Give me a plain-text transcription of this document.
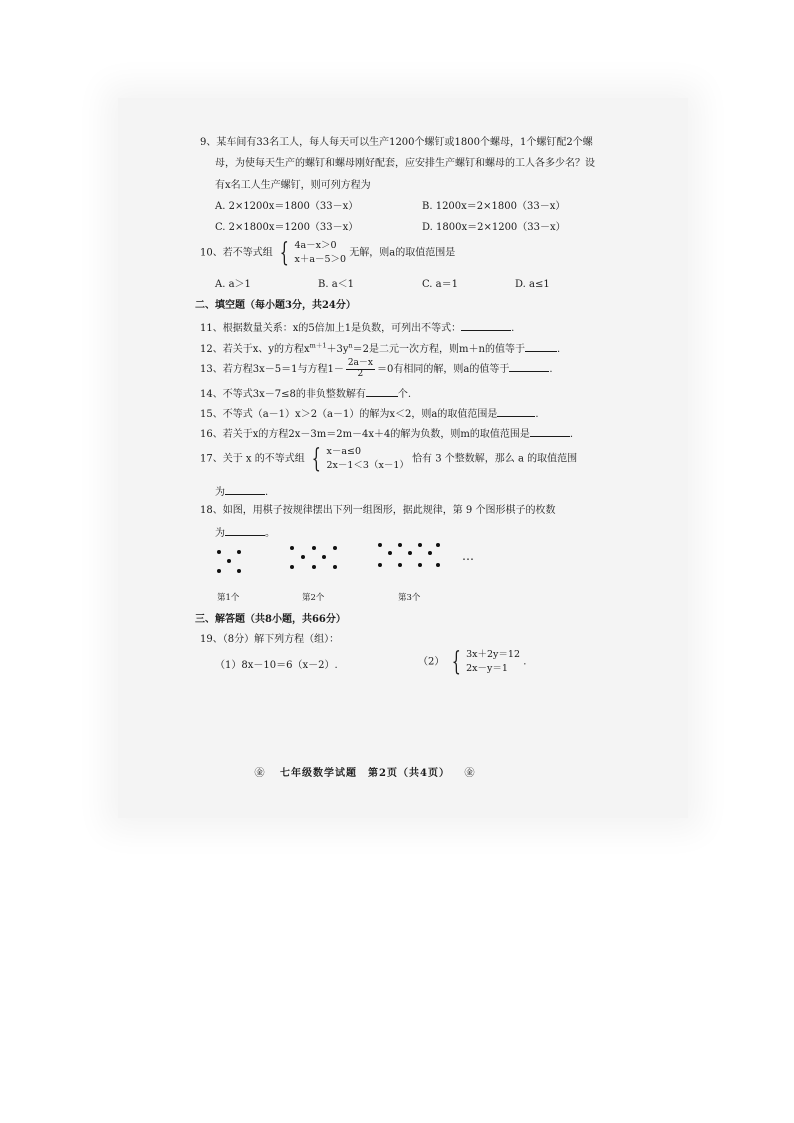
9、某车间有33名工人，每人每天可以生产1200个螺钉或1800个螺母，1个螺钉配2个螺
母，为使每天生产的螺钉和螺母刚好配套，应安排生产螺钉和螺母的工人各多少名？设
有x名工人生产螺钉，则可列方程为
A. 2×1200x＝1800（33－x）	B. 1200x＝2×1800（33－x）
C. 2×1800x＝1200（33－x）	D. 1800x＝2×1200（33－x）
10、若不等式组 { 4a－x＞0
x＋a－5＞0
无解，则a的取值范围是
A. a＞1	B. a＜1	C. a＝1	D. a≤1
二、填空题（每小题3分，共24分）
11、根据数量关系：x的5倍加上1是负数，可列出不等式：	.
12、若关于x、y的方程$x^{m+1}+3y^n=2$是二元一次方程，则m＋n的值等于	.
13、若方程3x－5＝1与方程$1- \frac{2a-x}{2} =0$有相同的解，则a的值等于	.
14、不等式3x－7≤8的非负整数解有	个.
15、不等式（a－1）x＞2（a－1）的解为x＜2，则a的取值范围是	.
16、若关于x的方程2x－3m＝2m－4x＋4的解为负数，则m的取值范围是	.
17、关于 x 的不等式组 { x－a≤0
2x－1＜3（x－1）
恰有 3 个整数解，那么 a 的取值范围
为	.
18、如图，用棋子按规律摆出下列一组图形，据此规律，第 9 个图形棋子的枚数
为	。
…
第1个	第2个	第3个
三、解答题（共8小题，共66分）
19、（8分）解下列方程（组）：
（1）8x－10＝6（x－2）.	（2） { 3x＋2y＝12
2x－y＝1
.
㊎ 七年级数学试题　第2页（共4页） ㊎
